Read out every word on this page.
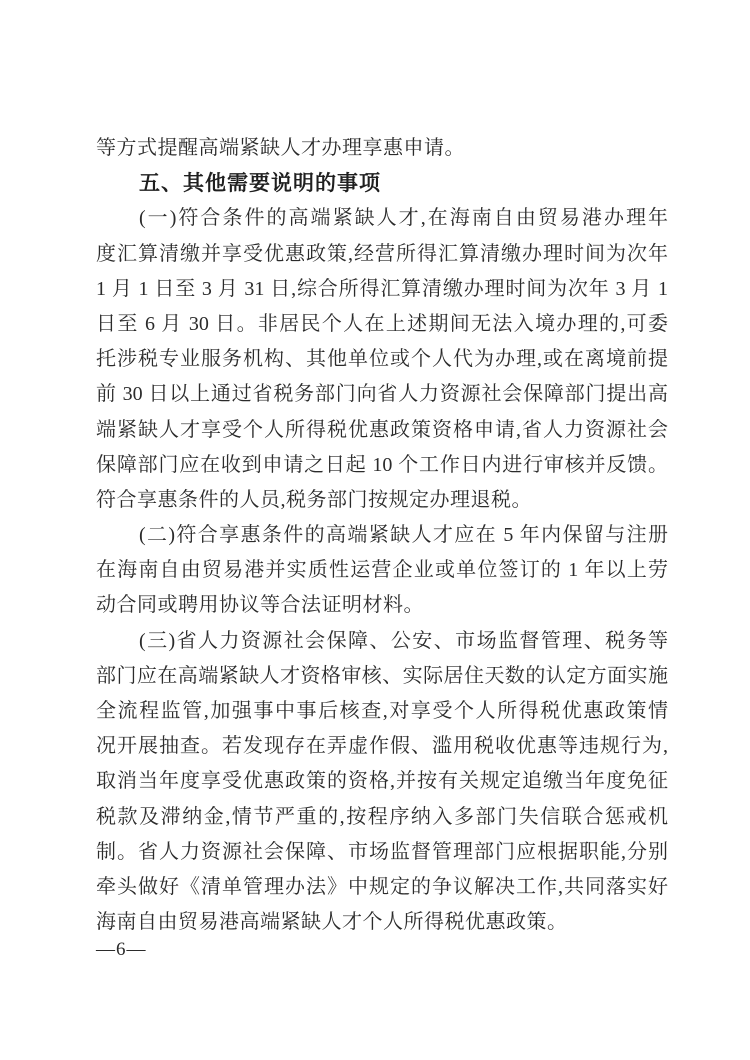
等方式提醒高端紧缺人才办理享惠申请。
五、其他需要说明的事项
(一)符合条件的高端紧缺人才,在海南自由贸易港办理年
度汇算清缴并享受优惠政策,经营所得汇算清缴办理时间为次年
1 月 1 日至 3 月 31 日,综合所得汇算清缴办理时间为次年 3 月 1
日至 6 月 30 日。非居民个人在上述期间无法入境办理的,可委
托涉税专业服务机构、其他单位或个人代为办理,或在离境前提
前 30 日以上通过省税务部门向省人力资源社会保障部门提出高
端紧缺人才享受个人所得税优惠政策资格申请,省人力资源社会
保障部门应在收到申请之日起 10 个工作日内进行审核并反馈。
符合享惠条件的人员,税务部门按规定办理退税。
(二)符合享惠条件的高端紧缺人才应在 5 年内保留与注册
在海南自由贸易港并实质性运营企业或单位签订的 1 年以上劳
动合同或聘用协议等合法证明材料。
(三)省人力资源社会保障、公安、市场监督管理、税务等
部门应在高端紧缺人才资格审核、实际居住天数的认定方面实施
全流程监管,加强事中事后核查,对享受个人所得税优惠政策情
况开展抽查。若发现存在弄虚作假、滥用税收优惠等违规行为,
取消当年度享受优惠政策的资格,并按有关规定追缴当年度免征
税款及滞纳金,情节严重的,按程序纳入多部门失信联合惩戒机
制。省人力资源社会保障、市场监督管理部门应根据职能,分别
牵头做好《清单管理办法》中规定的争议解决工作,共同落实好
海南自由贸易港高端紧缺人才个人所得税优惠政策。
—6—
